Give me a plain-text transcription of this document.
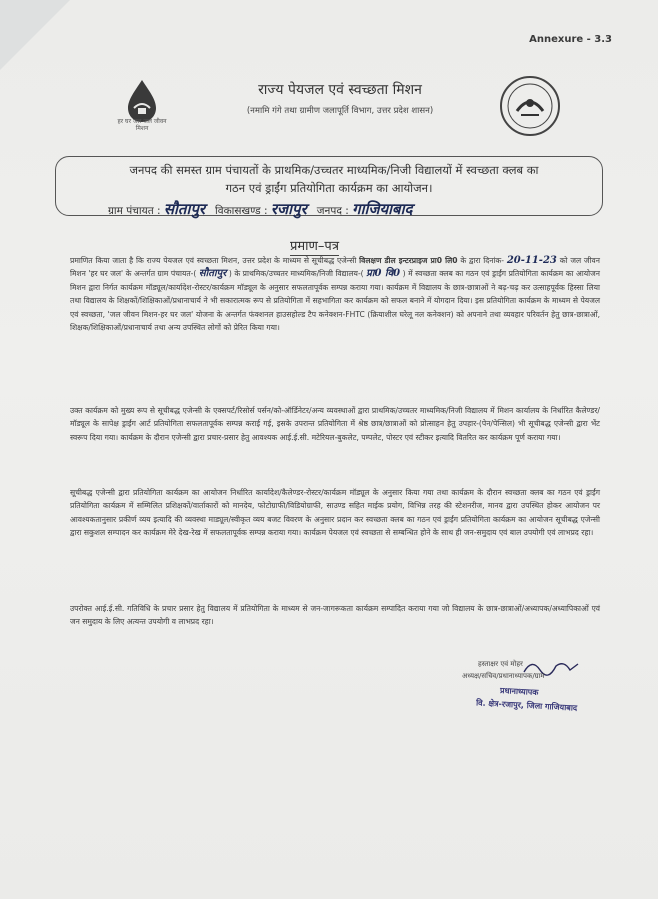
Annexure - 3.3
हर घर जल जल जीवन मिशन
राज्य पेयजल एवं स्वच्छता मिशन
(नमामि गंगे तथा ग्रामीण जलापूर्ति विभाग, उत्तर प्रदेश शासन)
जनपद की समस्त ग्राम पंचायतों के प्राथमिक/उच्चतर माध्यमिक/निजी विद्यालयों में स्वच्छता क्लब का
गठन एवं ड्राईंग प्रतियोगिता कार्यक्रम का आयोजन।
ग्राम पंचायत : सौतापुर विकासखण्ड : रजापुर जनपद : गाजियाबाद
प्रमाण–पत्र
प्रमाणित किया जाता है कि राज्य पेयजल एवं स्वच्छता मिशन, उत्तर प्रदेश के माध्यम से सूचीबद्ध एजेन्सी विलक्षण डील इन्टरप्राइज प्रा0 लि0 के द्वारा दिनांक- 20-11-23 को जल जीवन मिशन 'हर घर जल' के अन्तर्गत ग्राम पंचायत-( सौतापुर ) के प्राथमिक/उच्चतर माध्यमिक/निजी विद्यालय-( प्रा0 वि0 ) में स्वच्छता क्लब का गठन एवं ड्राईंग प्रतियोगिता कार्यक्रम का आयोजन मिशन द्वारा निर्गत कार्यक्रम मॉड्यूल/कार्यादेश-रोस्टर/कार्यक्रम मॉड्यूल के अनुसार सफलतापूर्वक सम्पन्न कराया गया। कार्यक्रम में विद्यालय के छात्र-छात्राओं ने बढ़-चढ़ कर उत्साहपूर्वक हिस्सा लिया तथा विद्यालय के शिक्षकों/शिक्षिकाओं/प्रधानाचार्य ने भी सकारात्मक रूप से प्रतियोगिता में सहभागिता कर कार्यक्रम को सफल बनाने में योगदान दिया। इस प्रतियोगिता कार्यक्रम के माध्यम से पेयजल एवं स्वच्छता, 'जल जीवन मिशन-हर घर जल' योजना के अन्तर्गत फंक्शनल हाउसहोल्ड टैप कनेक्शन-FHTC (क्रियाशील घरेलू नल कनेक्शन) को अपनाने तथा व्यवहार परिवर्तन हेतु छात्र-छात्राओं, शिक्षक/शिक्षिकाओं/प्रधानाचार्य तथा अन्य उपस्थित लोगों को प्रेरित किया गया।
उक्त कार्यक्रम को मुख्य रूप से सूचीबद्ध एजेन्सी के एक्सपर्ट/रिसोर्स पर्सन/को-ऑर्डिनेटर/अन्य व्यवस्थाओं द्वारा प्राथमिक/उच्चतर माध्यमिक/निजी विद्यालय में मिशन कार्यालय के निर्धारित कैलेण्डर/मॉड्यूल के सापेक्ष ड्राईंग आर्ट प्रतियोगिता सफलतापूर्वक सम्पन्न कराई गई, इसके उपरान्त प्रतियोगिता में श्रेष्ठ छात्र/छात्राओं को प्रोत्साहन हेतु उपहार-(पेन/पेन्सिल) भी सूचीबद्ध एजेन्सी द्वारा भेंट स्वरूप दिया गया। कार्यक्रम के दौरान एजेन्सी द्वारा प्रचार-प्रसार हेतु आवश्यक आई.ई.सी. मटेरियल-बुकलेट, पम्पलेट, पोस्टर एवं स्टीकर इत्यादि वितरित कर कार्यक्रम पूर्ण कराया गया।
सूचीबद्ध एजेन्सी द्वारा प्रतियोगिता कार्यक्रम का आयोजन निर्धारित कार्यादेश/कैलेण्डर-रोस्टर/कार्यक्रम मॉड्यूल के अनुसार किया गया तथा कार्यक्रम के दौरान स्वच्छता क्लब का गठन एवं ड्राईंग प्रतियोगिता कार्यक्रम में सम्मिलित प्रशिक्षकों/वार्ताकारों को मानदेय, फोटोग्राफी/विडियोग्राफी, साउण्ड सहित माईक प्रयोग, विभिन्न तरह की स्टेशनरीज, मानव द्वारा उपस्थित होकर आयोजन पर आवश्यकतानुसार प्रकीर्ण व्यय इत्यादि की व्यवस्था माड्यूल/स्वीकृत व्यय बजट विवरण के अनुसार प्रदान कर स्वच्छता क्लब का गठन एवं ड्राईंग प्रतियोगिता कार्यक्रम का आयोजन सूचीबद्ध एजेन्सी द्वारा सकुशल सम्पादन कर कार्यक्रम मेरे देख-रेख में सफलतापूर्वक सम्पन्न कराया गया। कार्यक्रम पेयजल एवं स्वच्छता से सम्बन्धित होने के साथ ही जन-समुदाय एवं बाल उपयोगी एवं लाभप्रद रहा।
उपरोक्त आई.ई.सी. गतिविधि के प्रचार प्रसार हेतु विद्यालय में प्रतियोगिता के माध्यम से जन-जागरूकता कार्यक्रम सम्पादित कराया गया जो विद्यालय के छात्र-छात्राओं/अध्यापक/अध्यापिकाओं एवं जन समुदाय के लिए अत्यन्त उपयोगी व लाभप्रद रहा।
हस्ताक्षर एवं मोहर
अध्यक्ष/सचिव/प्रधानाध्यापक/ग्राम
प्रधानाध्यापक
वि. क्षेत्र-रजापुर, जिला गाजियाबाद
